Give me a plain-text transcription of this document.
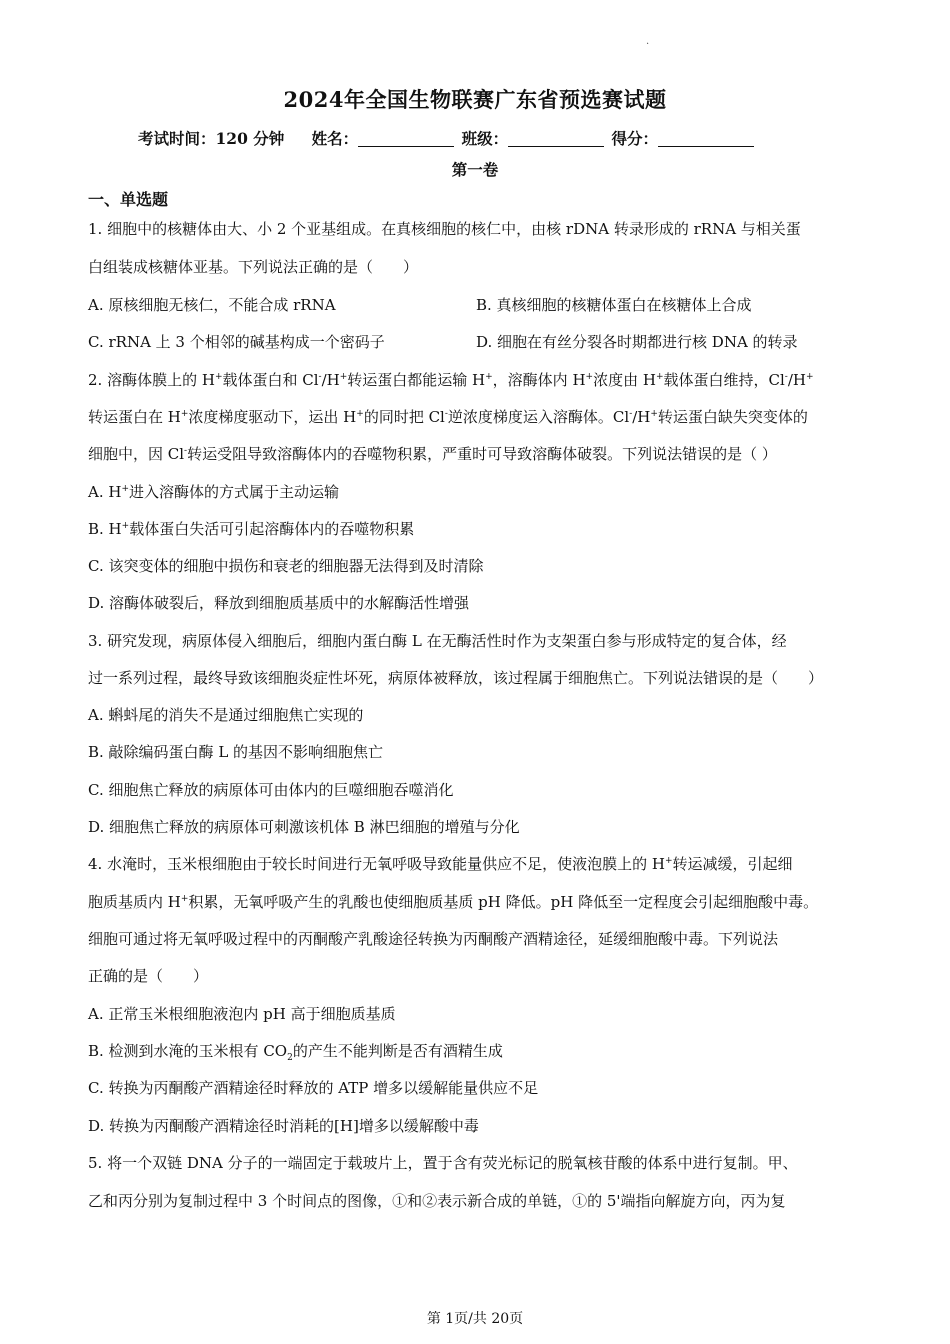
.
2024年全国生物联赛广东省预选赛试题
考试时间：120 分钟 姓名：	班级：	得分：
第一卷
一、单选题
1. 细胞中的核糖体由大、小 2 个亚基组成。在真核细胞的核仁中，由核 rDNA 转录形成的 rRNA 与相关蛋
白组装成核糖体亚基。下列说法正确的是（　　）
A. 原核细胞无核仁，不能合成 rRNA	B. 真核细胞的核糖体蛋白在核糖体上合成
C. rRNA 上 3 个相邻的碱基构成一个密码子	D. 细胞在有丝分裂各时期都进行核 DNA 的转录
2. 溶酶体膜上的 H+载体蛋白和 Cl-/H+转运蛋白都能运输 H+，溶酶体内 H+浓度由 H+载体蛋白维持，Cl-/H+
转运蛋白在 H+浓度梯度驱动下，运出 H+的同时把 Cl-逆浓度梯度运入溶酶体。Cl-/H+转运蛋白缺失突变体的
细胞中，因 Cl-转运受阻导致溶酶体内的吞噬物积累，严重时可导致溶酶体破裂。下列说法错误的是（ ）
A. H+进入溶酶体的方式属于主动运输
B. H+载体蛋白失活可引起溶酶体内的吞噬物积累
C. 该突变体的细胞中损伤和衰老的细胞器无法得到及时清除
D. 溶酶体破裂后，释放到细胞质基质中的水解酶活性增强
3. 研究发现，病原体侵入细胞后，细胞内蛋白酶 L 在无酶活性时作为支架蛋白参与形成特定的复合体，经
过一系列过程，最终导致该细胞炎症性坏死，病原体被释放，该过程属于细胞焦亡。下列说法错误的是（　　）
A. 蝌蚪尾的消失不是通过细胞焦亡实现的
B. 敲除编码蛋白酶 L 的基因不影响细胞焦亡
C. 细胞焦亡释放的病原体可由体内的巨噬细胞吞噬消化
D. 细胞焦亡释放的病原体可刺激该机体 B 淋巴细胞的增殖与分化
4. 水淹时，玉米根细胞由于较长时间进行无氧呼吸导致能量供应不足，使液泡膜上的 H+转运减缓，引起细
胞质基质内 H+积累，无氧呼吸产生的乳酸也使细胞质基质 pH 降低。pH 降低至一定程度会引起细胞酸中毒。
细胞可通过将无氧呼吸过程中的丙酮酸产乳酸途径转换为丙酮酸产酒精途径，延缓细胞酸中毒。下列说法
正确的是（　　）
A. 正常玉米根细胞液泡内 pH 高于细胞质基质
B. 检测到水淹的玉米根有 $CO_2$的产生不能判断是否有酒精生成
C. 转换为丙酮酸产酒精途径时释放的 ATP 增多以缓解能量供应不足
D. 转换为丙酮酸产酒精途径时消耗的[H]增多以缓解酸中毒
5. 将一个双链 DNA 分子的一端固定于载玻片上，置于含有荧光标记的脱氧核苷酸的体系中进行复制。甲、
乙和丙分别为复制过程中 3 个时间点的图像，①和②表示新合成的单链，①的 5'端指向解旋方向，丙为复
第 1页/共 20页
